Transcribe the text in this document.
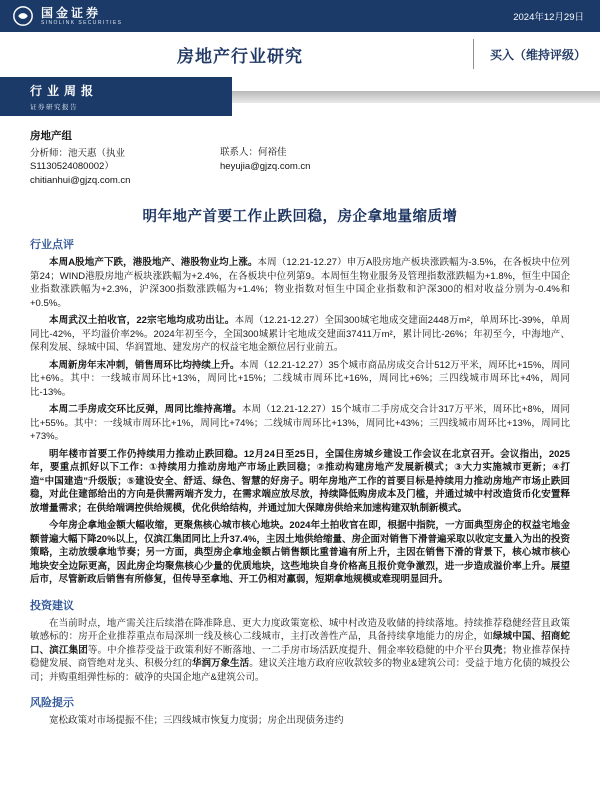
国金证券
SINOLINK SECURITIES	2024年12月29日
房地产行业研究	买入（维持评级）
行业周报
证券研究报告
房地产组
分析师：池天惠（执业
S1130524080002）
chitianhui@gjzq.com.cn
联系人：何裕佳
heyujia@gjzq.com.cn
明年地产首要工作止跌回稳，房企拿地量缩质增
行业点评

本周A股地产下跌，港股地产、港股物业均上涨。本周（12.21-12.27）申万A股房地产板块涨跌幅为-3.5%，在各板块中位列第24；WIND港股房地产板块涨跌幅为+2.4%，在各板块中位列第9。本周恒生物业服务及管理指数涨跌幅为+1.8%，恒生中国企业指数涨跌幅为+2.3%，沪深300指数涨跌幅为+1.4%；物业指数对恒生中国企业指数和沪深300的相对收益分别为-0.4%和+0.5%。

本周武汉土拍收官，22宗宅地均成功出让。本周（12.21-12.27）全国300城宅地成交建面2448万m²，单周环比-39%，单周同比-42%，平均溢价率2%。2024年初至今，全国300城累计宅地成交建面37411万m²，累计同比-26%；年初至今，中海地产、保利发展、绿城中国、华润置地、建发房产的权益宅地金额位居行业前五。

本周新房年末冲刺，销售周环比均持续上升。本周（12.21-12.27）35个城市商品房成交合计512万平米，周环比+15%，周同比+6%。其中：一线城市周环比+13%，周同比+15%；二线城市周环比+16%，周同比+6%；三四线城市周环比+4%，周同比-13%。

本周二手房成交环比反弹，周同比维持高增。本周（12.21-12.27）15个城市二手房成交合计317万平米，周环比+8%，周同比+55%。其中：一线城市周环比+1%，周同比+74%；二线城市周环比+13%，周同比+43%；三四线城市周环比+13%，周同比+73%。

明年楼市首要工作仍持续用力推动止跌回稳。12月24日至25日，全国住房城乡建设工作会议在北京召开。会议指出，2025年，要重点抓好以下工作：①持续用力推动房地产市场止跌回稳；②推动构建房地产发展新模式；③大力实施城市更新；④打造“中国建造”升级版；⑤建设安全、舒适、绿色、智慧的好房子。明年房地产工作的首要目标是持续用力推动房地产市场止跌回稳，对此住建部给出的方向是供需两端齐发力，在需求端应放尽放，持续降低购房成本及门槛，并通过城中村改造货币化安置释放增量需求；在供给端调控供给规模，优化供给结构，并通过加大保障房供给来加速构建双轨制新模式。

今年房企拿地金额大幅收缩，更聚焦核心城市核心地块。2024年土拍收官在即，根据中指院，一方面典型房企的权益宅地金额普遍大幅下降20%以上，仅滨江集团同比上升37.4%，主因土地供给缩量、房企面对销售下滑普遍采取以收定支量入为出的投资策略，主动放缓拿地节奏；另一方面，典型房企拿地金额占销售额比重普遍有所上升，主因在销售下滑的背景下，核心城市核心地块安全边际更高，因此房企均聚焦核心少量的优质地块，这些地块自身价格高且报价竞争激烈，进一步造成溢价率上升。展望后市，尽管新政后销售有所修复，但传导至拿地、开工仍相对羸弱，短期拿地规模或难现明显回升。

投资建议

在当前时点，地产需关注后续潜在降准降息、更大力度政策宽松、城中村改造及收储的持续落地。持续推荐稳健经营且政策敏感标的：房开企业推荐重点布局深圳一线及核心二线城市，主打改善性产品，具备持续拿地能力的房企，如绿城中国、招商蛇口、滨江集团等。中介推荐受益于政策利好不断落地、一二手房市场活跃度提升、佣金率较稳健的中介平台贝壳；物业推荐保持稳健发展、商管绝对龙头、积极分红的华润万象生活。建议关注地方政府应收款较多的物业&建筑公司：受益于地方化债的城投公司；并购重组弹性标的：破净的央国企地产&建筑公司。

风险提示

宽松政策对市场提振不佳；三四线城市恢复力度弱；房企出现债务违约
